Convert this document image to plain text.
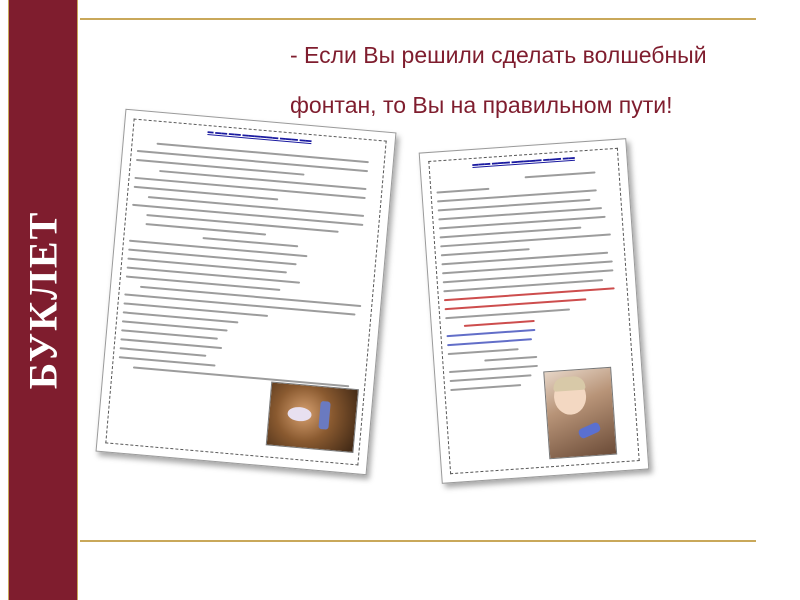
БУКЛЕТ
- Если Вы решили сделать волшебный
фонтан, то Вы на правильном пути!
▬ ▬▬ ▬▬ ▬▬▬▬▬▬ ▬▬▬ ▬▬
▬▬▬ ▬▬▬ ▬▬▬▬▬ ▬▬▬ ▬▬
